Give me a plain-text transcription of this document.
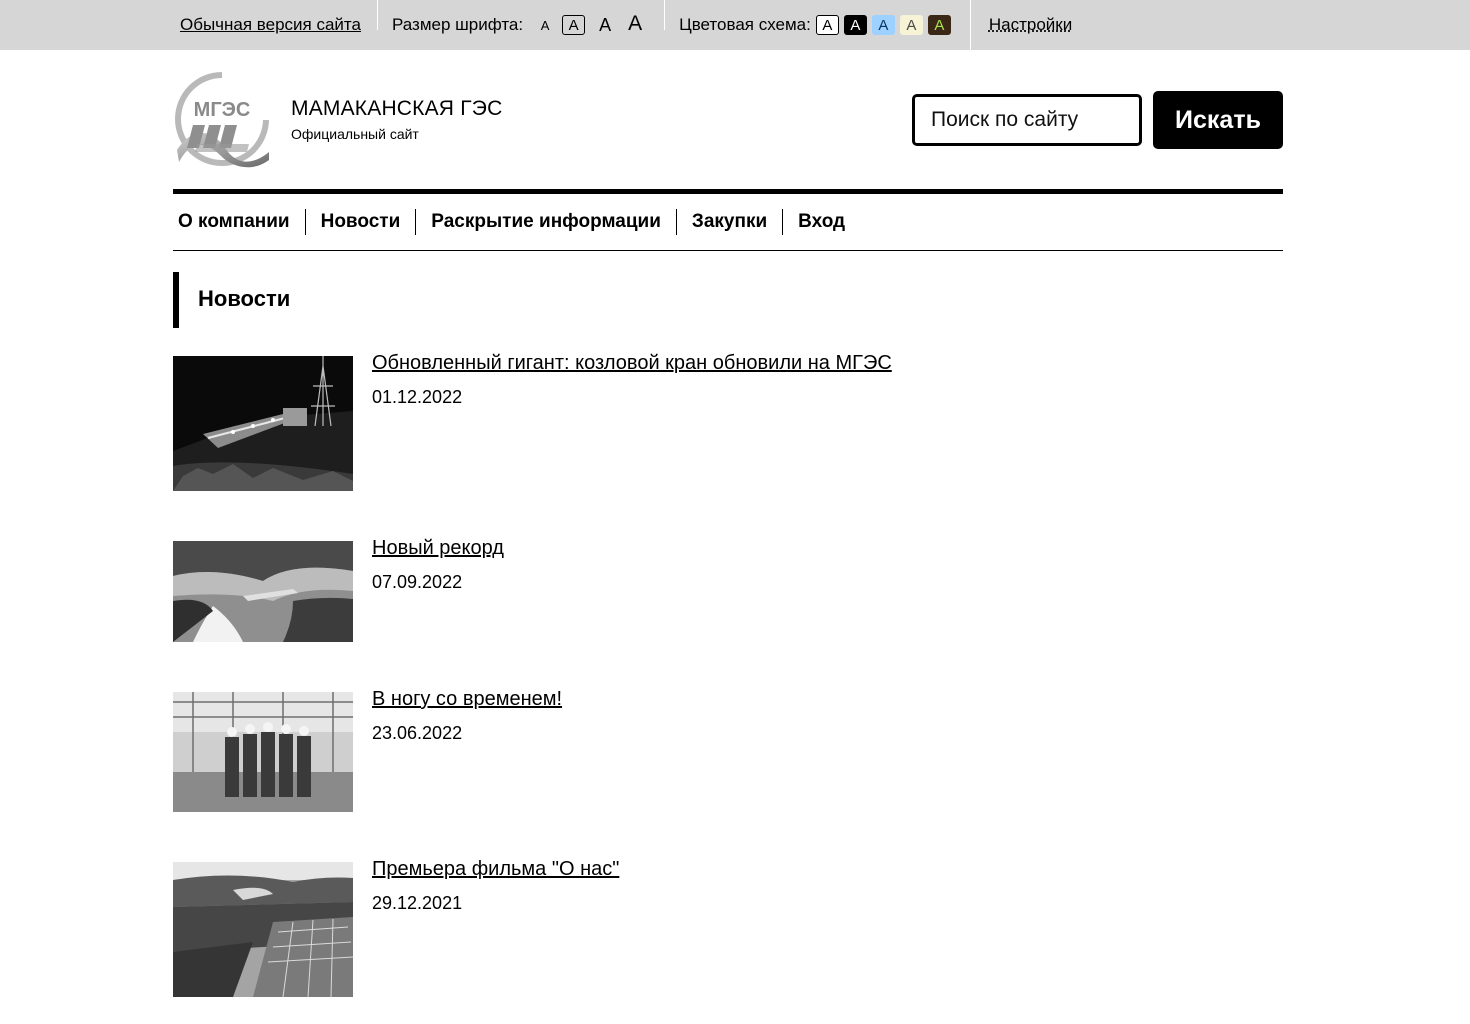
Обычная версия сайта	Размер шрифта: A	A	A A Цветовая схема: A	A	A	A	A	Настройки
МГЭС МАМАКАНСКАЯ ГЭС
Официальный сайт
Поиск по сайту
Искать
О компании	Новости	Раскрытие информации	Закупки	Вход
Новости
Обновленный гигант: козловой кран обновили на МГЭС
01.12.2022
Новый рекорд
07.09.2022
В ногу со временем!
23.06.2022
Премьера фильма "О нас"
29.12.2021
